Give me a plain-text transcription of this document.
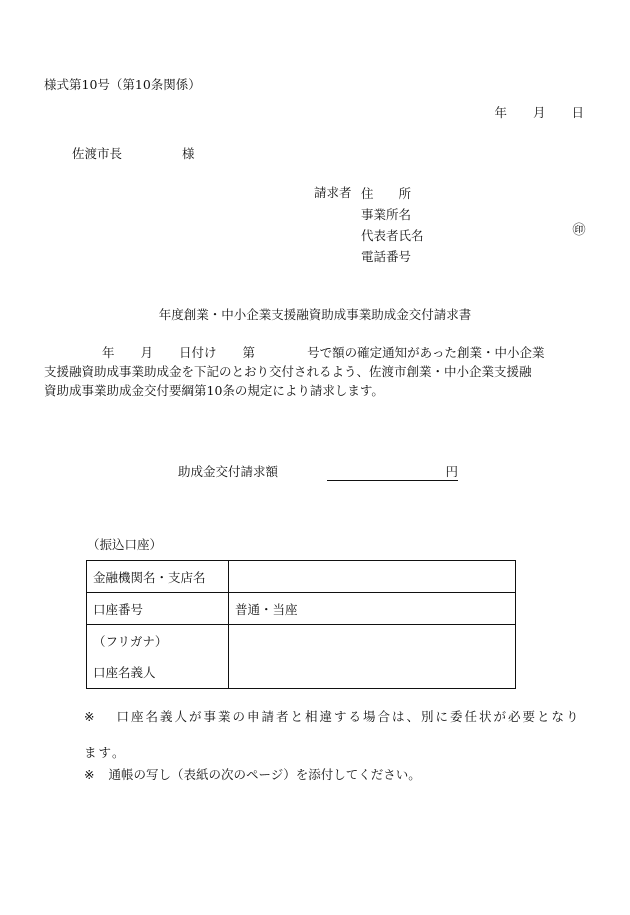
様式第10号（第10条関係）
年 月 日
佐渡市長	様
請求者 住　　所
事業所名
代表者氏名
電話番号
㊞
年度創業・中小企業支援融資助成事業助成金交付請求書

年 月 日付け 第	号で額の確定通知があった創業・中小企業

支援融資助成事業助成金を下記のとおり交付されるよう、佐渡市創業・中小企業支援融

資助成事業助成金交付要綱第10条の規定により請求します。

助成金交付請求額	円
（振込口座）
金融機関名・支店名	
口座番号	普通・当座

（フリガナ）
口座名義人	

※ 口座名義人が事業の申請者と相違する場合は、別に委任状が必要となります。
※ 通帳の写し（表紙の次のページ）を添付してください。
